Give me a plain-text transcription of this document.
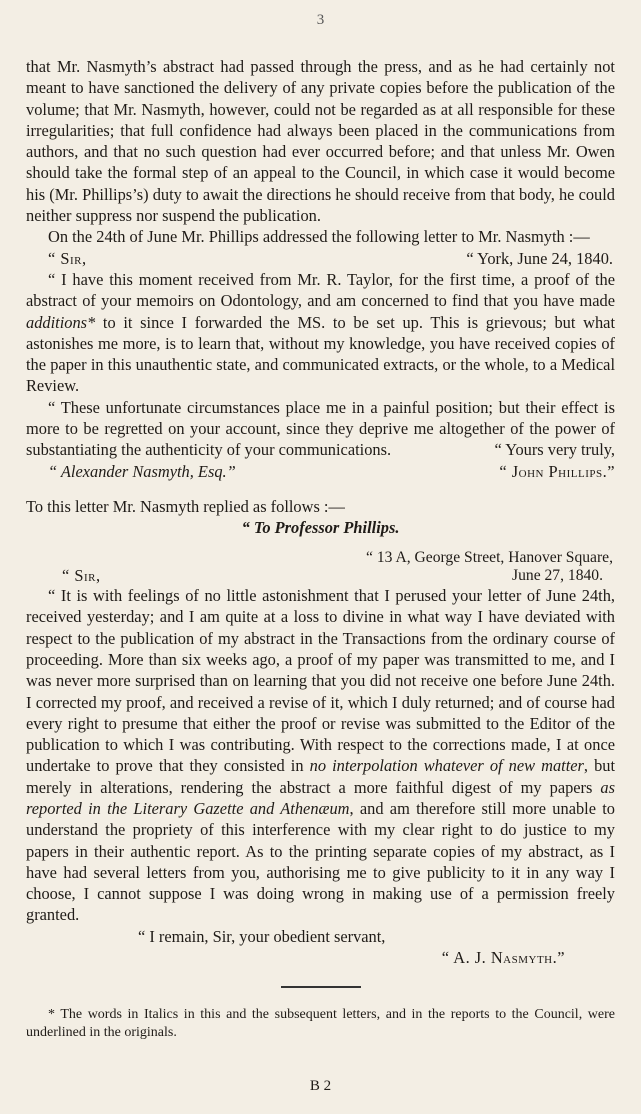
3

that Mr. Nasmyth’s abstract had passed through the press, and as he had certainly not meant to have sanctioned the delivery of any private copies before the publication of the volume; that Mr. Nasmyth, however, could not be regarded as at all responsible for these irregularities; that full confidence had always been placed in the communications from authors, and that no such question had ever occurred before; and that unless Mr. Owen should take the formal step of an appeal to the Council, in which case it would become his (Mr. Phillips’s) duty to await the directions he should receive from that body, he could neither suppress nor suspend the publication.

On the 24th of June Mr. Phillips addressed the following letter to Mr. Nasmyth :—

“ Sir,	“ York, June 24, 1840.

“ I have this moment received from Mr. R. Taylor, for the first time, a proof of the abstract of your memoirs on Odontology, and am concerned to find that you have made additions* to it since I forwarded the MS. to be set up. This is grievous; but what astonishes me more, is to learn that, without my knowledge, you have received copies of the paper in this unauthentic state, and communicated extracts, or the whole, to a Medical Review.

“ These unfortunate circumstances place me in a painful position; but their effect is more to be regretted on your account, since they deprive me altogether of the power of substantiating the authenticity of your communications.	“ Yours very truly,

“ Alexander Nasmyth, Esq.”	“ John Phillips.”

To this letter Mr. Nasmyth replied as follows :—

“ To Professor Phillips.
“ 13 A, George Street, Hanover Square,
“ Sir,	June 27, 1840.

“ It is with feelings of no little astonishment that I perused your letter of June 24th, received yesterday; and I am quite at a loss to divine in what way I have deviated with respect to the publication of my abstract in the Transactions from the ordinary course of proceeding. More than six weeks ago, a proof of my paper was transmitted to me, and I was never more surprised than on learning that you did not receive one before June 24th. I corrected my proof, and received a revise of it, which I duly returned; and of course had every right to presume that either the proof or revise was submitted to the Editor of the publication to which I was contributing. With respect to the corrections made, I at once undertake to prove that they consisted in no interpolation whatever of new matter, but merely in alterations, rendering the abstract a more faithful digest of my papers as reported in the Literary Gazette and Athenæum, and am therefore still more unable to understand the propriety of this interference with my clear right to do justice to my papers in their authentic report. As to the printing separate copies of my abstract, as I have had several letters from you, authorising me to give publicity to it in any way I choose, I cannot suppose I was doing wrong in making use of a permission freely granted.

“ I remain, Sir, your obedient servant,
“ A. J. Nasmyth.”

* The words in Italics in this and the subsequent letters, and in the reports to the Council, were underlined in the originals.

B 2
